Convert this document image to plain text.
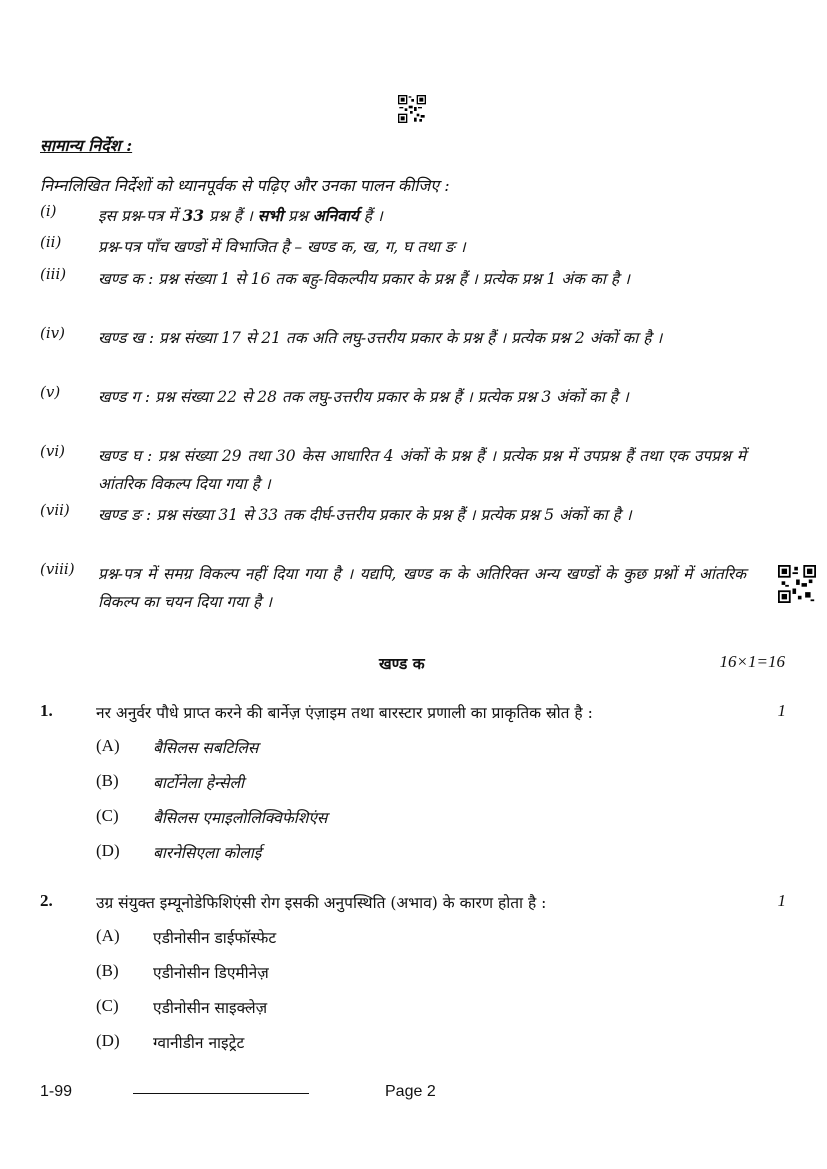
सामान्य निर्देश :
निम्नलिखित निर्देशों को ध्यानपूर्वक से पढ़िए और उनका पालन कीजिए :
(i)	इस प्रश्न-पत्र में 33 प्रश्न हैं । सभी प्रश्न अनिवार्य हैं ।
(ii)	प्रश्न-पत्र पाँच खण्डों में विभाजित है – खण्ड क, ख, ग, घ तथा ङ ।
(iii)	खण्ड क : प्रश्न संख्या 1 से 16 तक बहु-विकल्पीय प्रकार के प्रश्न हैं । प्रत्येक प्रश्न 1 अंक का है ।
(iv)	खण्ड ख : प्रश्न संख्या 17 से 21 तक अति लघु-उत्तरीय प्रकार के प्रश्न हैं । प्रत्येक प्रश्न 2 अंकों का है ।
(v)	खण्ड ग : प्रश्न संख्या 22 से 28 तक लघु-उत्तरीय प्रकार के प्रश्न हैं । प्रत्येक प्रश्न 3 अंकों का है ।
(vi)	खण्ड घ : प्रश्न संख्या 29 तथा 30 केस आधारित 4 अंकों के प्रश्न हैं । प्रत्येक प्रश्न में उपप्रश्न हैं तथा एक उपप्रश्न में आंतरिक विकल्प दिया गया है ।
(vii)	खण्ड ङ : प्रश्न संख्या 31 से 33 तक दीर्घ-उत्तरीय प्रकार के प्रश्न हैं । प्रत्येक प्रश्न 5 अंकों का है ।
(viii)	प्रश्न-पत्र में समग्र विकल्प नहीं दिया गया है । यद्यपि, खण्ड क के अतिरिक्त अन्य खण्डों के कुछ प्रश्नों में आंतरिक विकल्प का चयन दिया गया है ।
खण्ड क	16×1=16
1.	नर अनुर्वर पौधे प्राप्त करने की बार्नेज़ एंज़ाइम तथा बारस्टार प्रणाली का प्राकृतिक स्रोत है :	1
(A)	बैसिलस सबटिलिस
(B)	बार्टोनेला हेन्सेली
(C)	बैसिलस एमाइलोलिक्विफेशिएंस
(D)	बारनेसिएला कोलाई
2.	उग्र संयुक्त इम्यूनोडेफिशिएंसी रोग इसकी अनुपस्थिति (अभाव) के कारण होता है :	1
(A)	एडीनोसीन डाईफॉस्फेट
(B)	एडीनोसीन डिएमीनेज़
(C)	एडीनोसीन साइक्लेज़
(D)	ग्वानीडीन नाइट्रेट
1-99	Page 2
